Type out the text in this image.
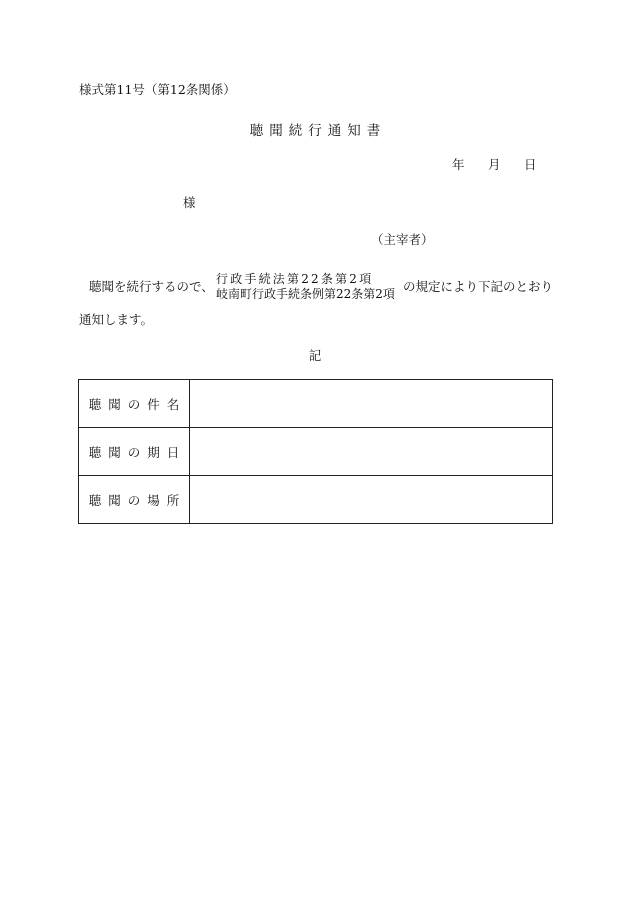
様式第11号（第12条関係）
聴聞続行通知書
年	月	日
様
（主宰者）
聴聞を続行するので、 行政手続法第22条第2項
岐南町行政手続条例第22条第2項 の規定により下記のとおり
通知します。
記
聴聞の件名	
聴聞の期日	
聴聞の場所	
